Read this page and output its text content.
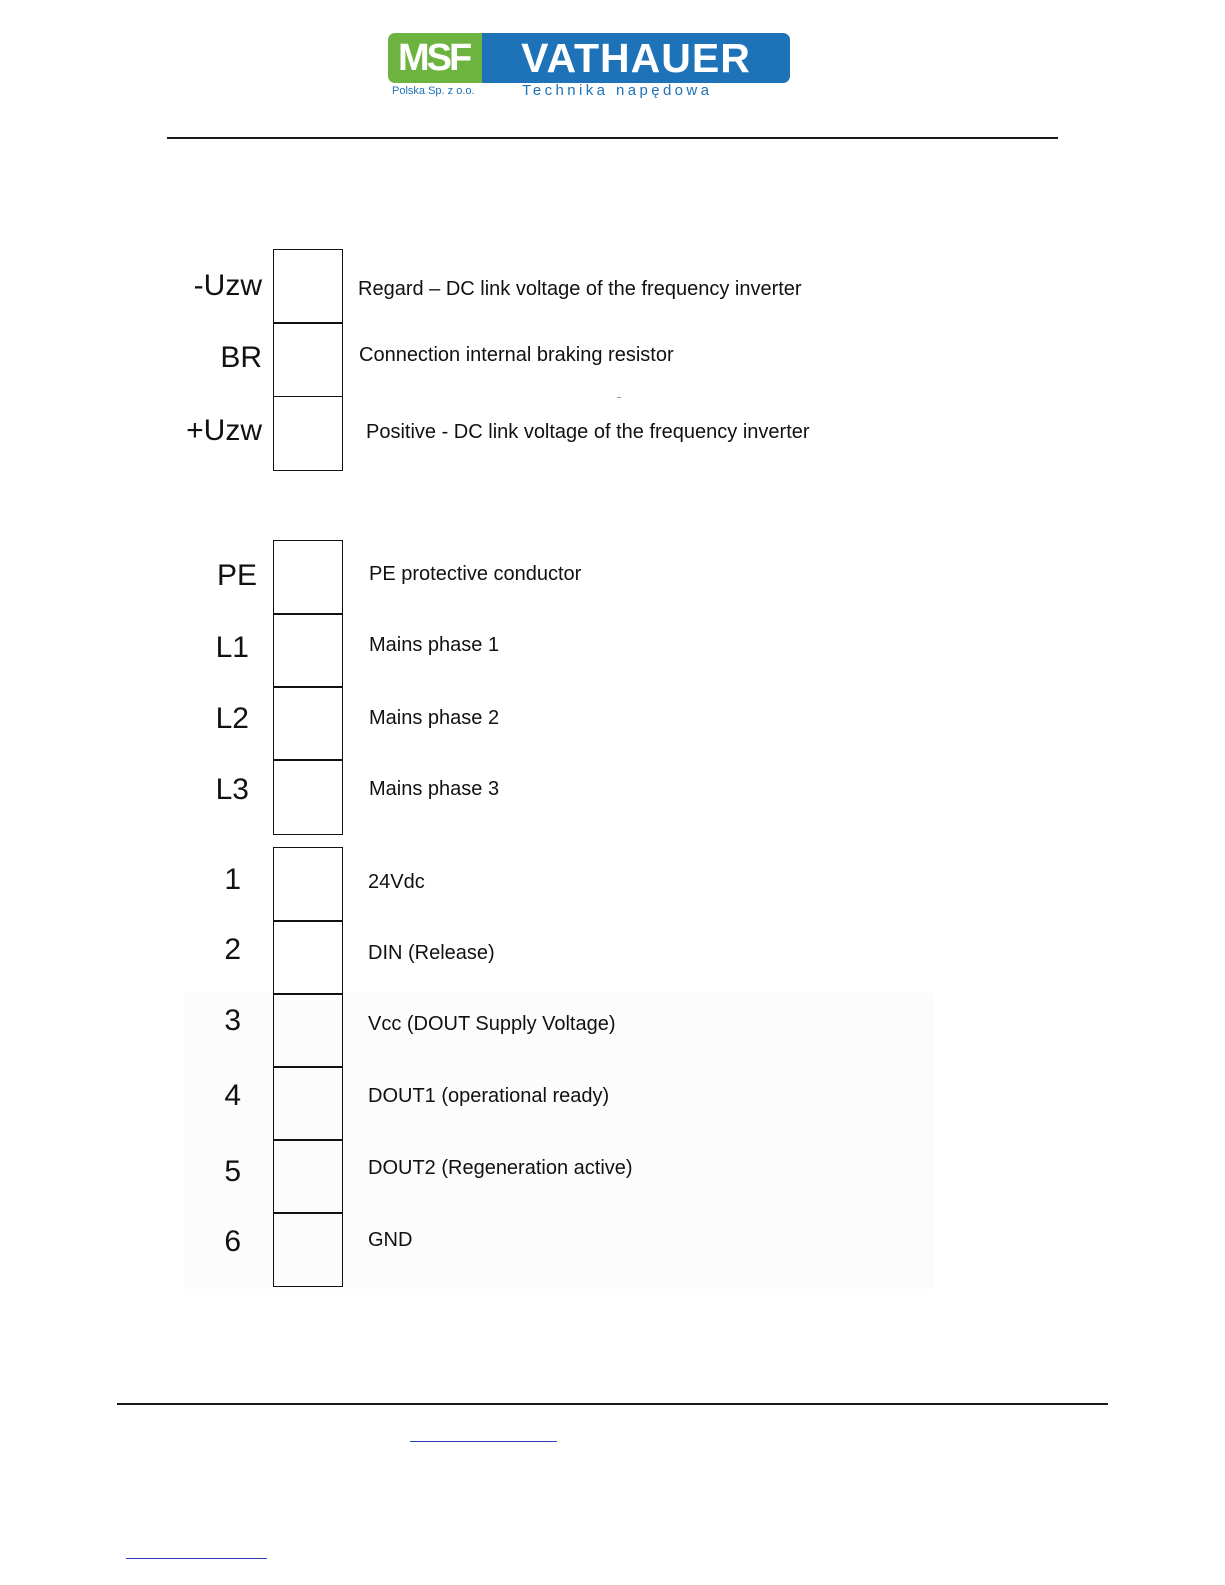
MSF	VATHAUER
Polska Sp. z o.o.	Technika napędowa
-Uzw	Regard – DC link voltage of the frequency inverter
BR	Connection internal braking resistor
+Uzw	Positive - DC link voltage of the frequency inverter
PE	PE protective conductor
L1	Mains phase 1
L2	Mains phase 2
L3	Mains phase 3
1	24Vdc
2	DIN (Release)
3	Vcc (DOUT Supply Voltage)
4	DOUT1 (operational ready)
5	DOUT2 (Regeneration active)
6	GND
